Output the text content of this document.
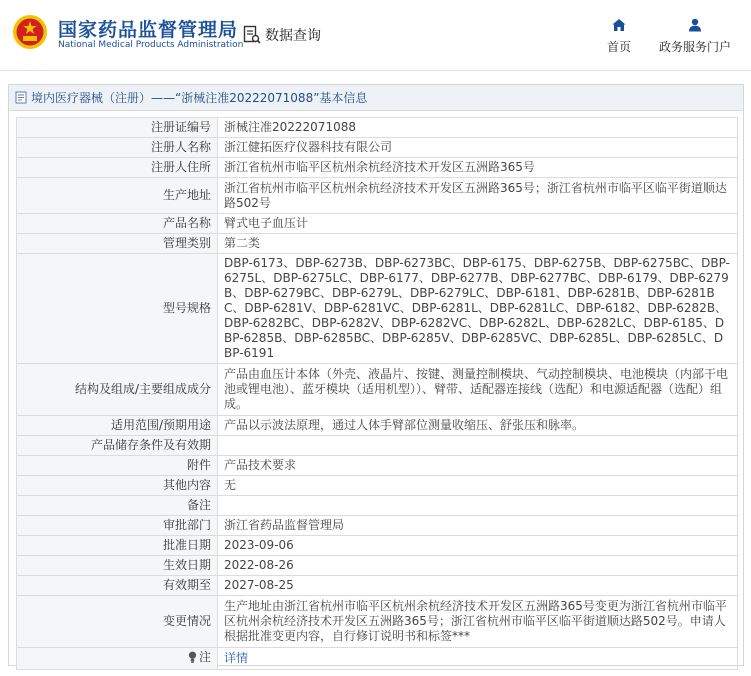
国家药品监督管理局
National Medical Products Administration
数据查询
首页 政务服务门户
境内医疗器械（注册）——“浙械注准20222071088”基本信息
注册证编号	浙械注准20222071088
注册人名称	浙江健拓医疗仪器科技有限公司
注册人住所	浙江省杭州市临平区杭州余杭经济技术开发区五洲路365号
生产地址	浙江省杭州市临平区杭州余杭经济技术开发区五洲路365号；浙江省杭州市临平区临平街道顺达路502号
产品名称	臂式电子血压计
管理类别	第二类
型号规格	DBP-6173、DBP-6273B、DBP-6273BC、DBP-6175、DBP-6275B、DBP-6275BC、DBP-6275L、DBP-6275LC、DBP-6177、DBP-6277B、DBP-6277BC、DBP-6179、DBP-6279B、DBP-6279BC、DBP-6279L、DBP-6279LC、DBP-6181、DBP-6281B、DBP-6281BC、DBP-6281V、DBP-6281VC、DBP-6281L、DBP-6281LC、DBP-6182、DBP-6282B、DBP-6282BC、DBP-6282V、DBP-6282VC、DBP-6282L、DBP-6282LC、DBP-6185、DBP-6285B、DBP-6285BC、DBP-6285V、DBP-6285VC、DBP-6285L、DBP-6285LC、DBP-6191
结构及组成/主要组成成分	产品由血压计本体（外壳、液晶片、按键、测量控制模块、气动控制模块、电池模块（内部干电池或锂电池）、蓝牙模块（适用机型））、臂带、适配器连接线（选配）和电源适配器（选配）组成。
适用范围/预期用途	产品以示波法原理，通过人体手臂部位测量收缩压、舒张压和脉率。
产品储存条件及有效期	
附件	产品技术要求
其他内容	无
备注	
审批部门	浙江省药品监督管理局
批准日期	2023-09-06
生效日期	2022-08-26
有效期至	2027-08-25
变更情况	生产地址由浙江省杭州市临平区杭州余杭经济技术开发区五洲路365号变更为浙江省杭州市临平区杭州余杭经济技术开发区五洲路365号；浙江省杭州市临平区临平街道顺达路502号。申请人根据批准变更内容，自行修订说明书和标签***

注	详情
